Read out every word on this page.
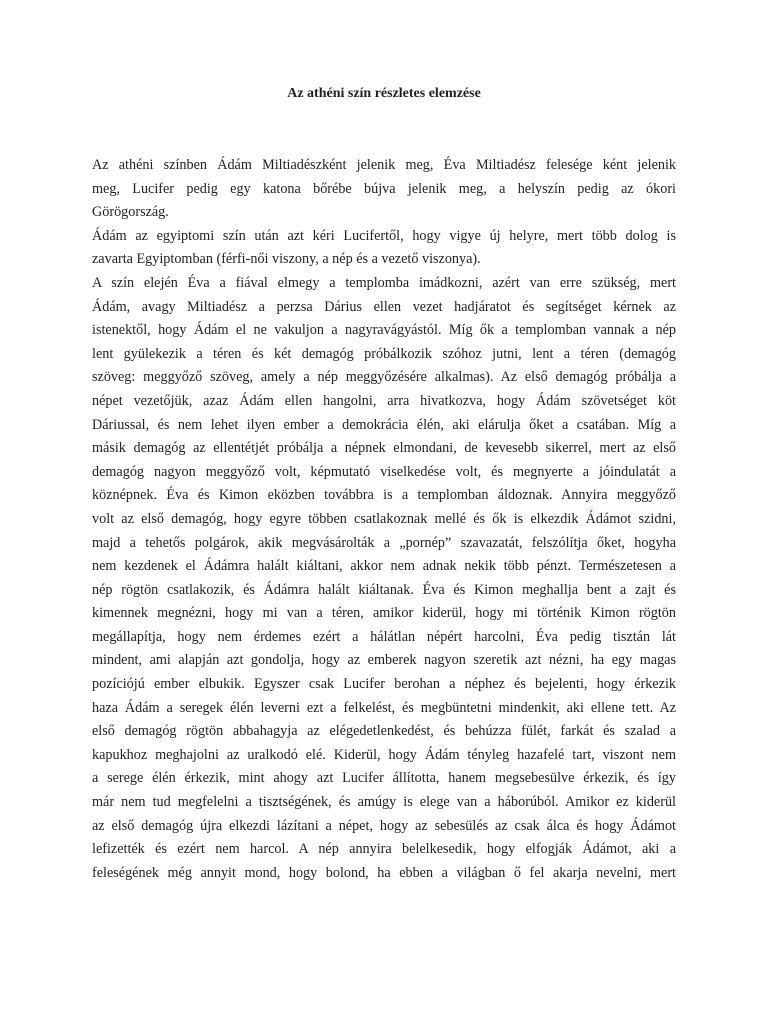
Az athéni szín részletes elemzése

Az athéni színben Ádám Miltiadészként jelenik meg, Éva Miltiadész felesége ként jelenik
meg, Lucifer pedig egy katona bőrébe bújva jelenik meg, a helyszín pedig az ókori
Görögország.

Ádám az egyiptomi szín után azt kéri Lucifertől, hogy vigye új helyre, mert több dolog is
zavarta Egyiptomban (férfi-női viszony, a nép és a vezető viszonya).

A szín elején Éva a fiával elmegy a templomba imádkozni, azért van erre szükség, mert
Ádám, avagy Miltiadész a perzsa Dárius ellen vezet hadjáratot és segítséget kérnek az
istenektől, hogy Ádám el ne vakuljon a nagyravágyástól. Míg ők a templomban vannak a nép
lent gyülekezik a téren és két demagóg próbálkozik szóhoz jutni, lent a téren (demagóg
szöveg: meggyőző szöveg, amely a nép meggyőzésére alkalmas). Az első demagóg próbálja a
népet vezetőjük, azaz Ádám ellen hangolni, arra hivatkozva, hogy Ádám szövetséget köt
Dáriussal, és nem lehet ilyen ember a demokrácia élén, aki elárulja őket a csatában. Míg a
másik demagóg az ellentétjét próbálja a népnek elmondani, de kevesebb sikerrel, mert az első
demagóg nagyon meggyőző volt, képmutató viselkedése volt, és megnyerte a jóindulatát a
köznépnek. Éva és Kimon eközben továbbra is a templomban áldoznak. Annyira meggyőző
volt az első demagóg, hogy egyre többen csatlakoznak mellé és ők is elkezdik Ádámot szidni,
majd a tehetős polgárok, akik megvásárolták a „pornép” szavazatát, felszólítja őket, hogyha
nem kezdenek el Ádámra halált kiáltani, akkor nem adnak nekik több pénzt. Természetesen a
nép rögtön csatlakozik, és Ádámra halált kiáltanak. Éva és Kimon meghallja bent a zajt és
kimennek megnézni, hogy mi van a téren, amikor kiderül, hogy mi történik Kimon rögtön
megállapítja, hogy nem érdemes ezért a hálátlan népért harcolni, Éva pedig tisztán lát
mindent, ami alapján azt gondolja, hogy az emberek nagyon szeretik azt nézni, ha egy magas
pozíciójú ember elbukik. Egyszer csak Lucifer berohan a néphez és bejelenti, hogy érkezik
haza Ádám a seregek élén leverni ezt a felkelést, és megbüntetni mindenkit, aki ellene tett. Az
első demagóg rögtön abbahagyja az elégedetlenkedést, és behúzza fülét, farkát és szalad a
kapukhoz meghajolni az uralkodó elé. Kiderül, hogy Ádám tényleg hazafelé tart, viszont nem
a serege élén érkezik, mint ahogy azt Lucifer állította, hanem megsebesülve érkezik, és így
már nem tud megfelelni a tisztségének, és amúgy is elege van a háborúból. Amikor ez kiderül
az első demagóg újra elkezdi lázítani a népet, hogy az sebesülés az csak álca és hogy Ádámot
lefizették és ezért nem harcol. A nép annyira belelkesedik, hogy elfogják Ádámot, aki a
feleségének még annyit mond, hogy bolond, ha ebben a világban ő fel akarja nevelni, mert
